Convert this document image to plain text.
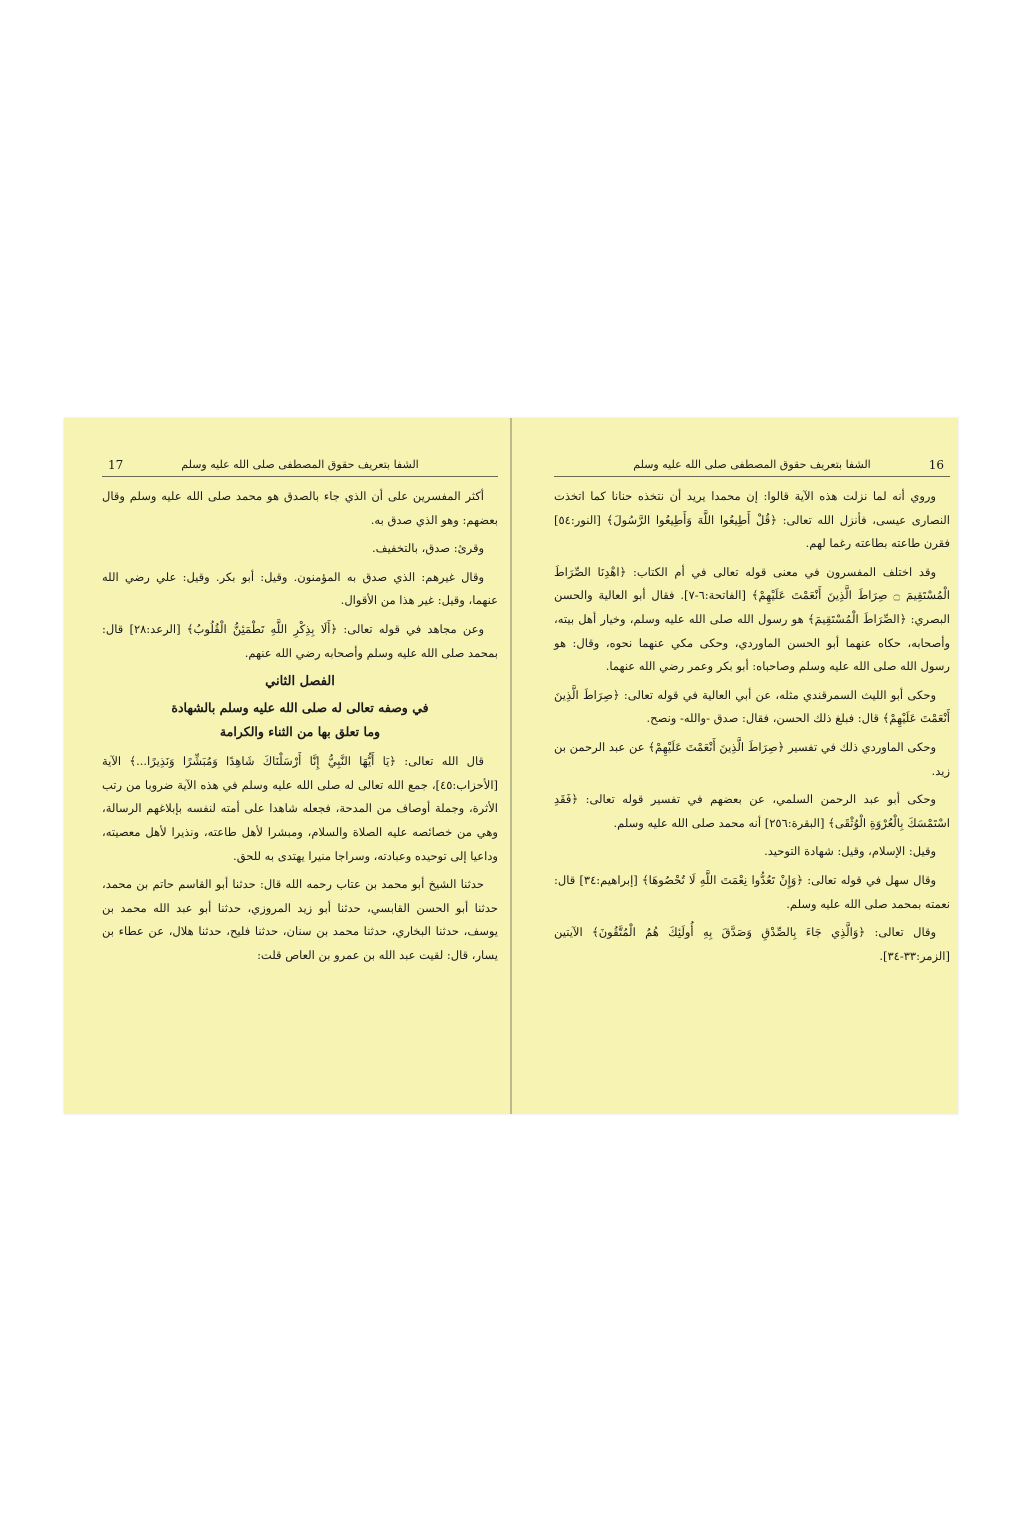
17	الشفا بتعريف حقوق المصطفى صلى الله عليه وسلم

أكثر المفسرين على أن الذي جاء بالصدق هو محمد صلى الله عليه وسلم وقال بعضهم: وهو الذي صدق به.

وقرئ: صدق، بالتخفيف.

وقال غيرهم: الذي صدق به المؤمنون. وقيل: أبو بكر. وقيل: علي رضي الله عنهما، وقيل: غير هذا من الأقوال.

وعن مجاهد في قوله تعالى: ﴿أَلَا بِذِكْرِ اللَّهِ تَطْمَئِنُّ الْقُلُوبُ﴾ [الرعد:٢٨] قال: بمحمد صلى الله عليه وسلم وأصحابه رضي الله عنهم.

الفصل الثاني
في وصفه تعالى له صلى الله عليه وسلم بالشهادة
وما تعلق بها من الثناء والكرامة

قال الله تعالى: ﴿يَا أَيُّهَا النَّبِيُّ إِنَّا أَرْسَلْنَاكَ شَاهِدًا وَمُبَشِّرًا وَنَذِيرًا...﴾ الآية [الأحزاب:٤٥]، جمع الله تعالى له صلى الله عليه وسلم في هذه الآية ضروبا من رتب الأثرة، وجملة أوصاف من المدحة، فجعله شاهدا على أمته لنفسه بإبلاغهم الرسالة، وهي من خصائصه عليه الصلاة والسلام، ومبشرا لأهل طاعته، ونذيرا لأهل معصيته، وداعيا إلى توحيده وعبادته، وسراجا منيرا يهتدى به للحق.

حدثنا الشيخ أبو محمد بن عتاب رحمه الله قال: حدثنا أبو القاسم حاتم بن محمد، حدثنا أبو الحسن القابسي، حدثنا أبو زيد المروزي، حدثنا أبو عبد الله محمد بن يوسف، حدثنا البخاري، حدثنا محمد بن سنان، حدثنا فليح، حدثنا هلال، عن عطاء بن يسار، قال: لقيت عبد الله بن عمرو بن العاص قلت:

16
الشفا بتعريف حقوق المصطفى صلى الله عليه وسلم

وروي أنه لما نزلت هذه الآية قالوا: إن محمدا يريد أن نتخذه حنانا كما اتخذت النصارى عيسى، فأنزل الله تعالى: ﴿قُلْ أَطِيعُوا اللَّهَ وَأَطِيعُوا الرَّسُولَ﴾ [النور:٥٤] فقرن طاعته بطاعته رغما لهم.

وقد اختلف المفسرون في معنى قوله تعالى في أم الكتاب: ﴿اهْدِنَا الصِّرَاطَ الْمُسْتَقِيمَ ۝ صِرَاطَ الَّذِينَ أَنْعَمْتَ عَلَيْهِمْ﴾ [الفاتحة:٦-٧]. فقال أبو العالية والحسن البصري: ﴿الصِّرَاطَ الْمُسْتَقِيمَ﴾ هو رسول الله صلى الله عليه وسلم، وخيار أهل بيته، وأصحابه، حكاه عنهما أبو الحسن الماوردي، وحكى مكي عنهما نحوه، وقال: هو رسول الله صلى الله عليه وسلم وصاحباه: أبو بكر وعمر رضي الله عنهما.

وحكى أبو الليث السمرقندي مثله، عن أبي العالية في قوله تعالى: ﴿صِرَاطَ الَّذِينَ أَنْعَمْتَ عَلَيْهِمْ﴾ قال: فبلغ ذلك الحسن، فقال: صدق -والله- ونصح.

وحكى الماوردي ذلك في تفسير ﴿صِرَاطَ الَّذِينَ أَنْعَمْتَ عَلَيْهِمْ﴾ عن عبد الرحمن بن زيد.

وحكى أبو عبد الرحمن السلمي، عن بعضهم في تفسير قوله تعالى: ﴿فَقَدِ اسْتَمْسَكَ بِالْعُرْوَةِ الْوُثْقَى﴾ [البقرة:٢٥٦] أنه محمد صلى الله عليه وسلم.

وقيل: الإسلام، وقيل: شهادة التوحيد.

وقال سهل في قوله تعالى: ﴿وَإِنْ تَعُدُّوا نِعْمَتَ اللَّهِ لَا تُحْصُوهَا﴾ [إبراهيم:٣٤] قال: نعمته بمحمد صلى الله عليه وسلم.

وقال تعالى: ﴿وَالَّذِي جَاءَ بِالصِّدْقِ وَصَدَّقَ بِهِ أُولَئِكَ هُمُ الْمُتَّقُونَ﴾ الآيتين [الزمر:٣٣-٣٤].
